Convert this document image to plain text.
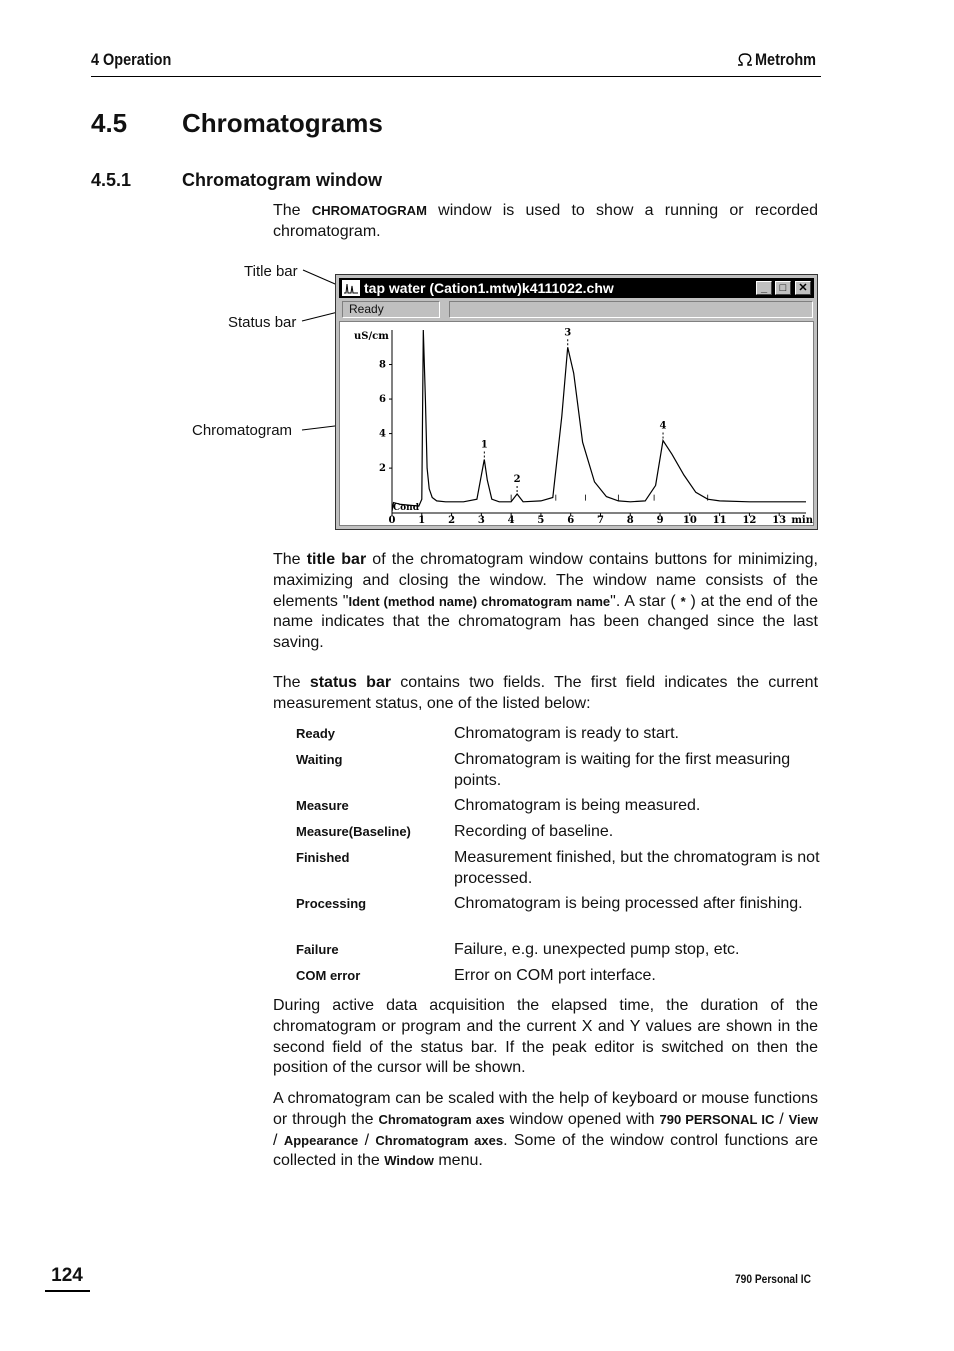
4 Operation	Metrohm
4.5 Chromatograms
4.5.1	Chromatogram window
The CHROMATOGRAM window is used to show a running or recorded chromatogram.
Title bar
Status bar
Chromatogram
tap water (Cation1.mtw)k4111022.chw	_	□	✕
Ready
uS/cm
2
4
6
8
0 1 2 3 4 5 6 7 8 9 10 11 12 13 min
1
2
3
4
Cond
The title bar of the chromatogram window contains buttons for minimizing, maximizing and closing the window. The window name consists of the elements "Ident (method name) chromatogram name". A star ( * ) at the end of the name indicates that the chromatogram has been changed since the last saving.
The status bar contains two fields. The first field indicates the current measurement status, one of the listed below:
Ready	Chromatogram is ready to start.
Waiting	Chromatogram is waiting for the first measuring points.
Measure	Chromatogram is being measured.
Measure(Baseline)	Recording of baseline.
Finished	Measurement finished, but the chromatogram is not processed.
Processing	Chromatogram is being processed after finishing.
Failure	Failure, e.g. unexpected pump stop, etc.
COM error	Error on COM port interface.
During active data acquisition the elapsed time, the duration of the chromatogram or program and the current X and Y values are shown in the second field of the status bar. If the peak editor is switched on then the position of the cursor will be shown.
A chromatogram can be scaled with the help of keyboard or mouse functions or through the Chromatogram axes window opened with 790 PERSONAL IC / View / Appearance / Chromatogram axes. Some of the window control functions are collected in the Window menu.
124	790 Personal IC
